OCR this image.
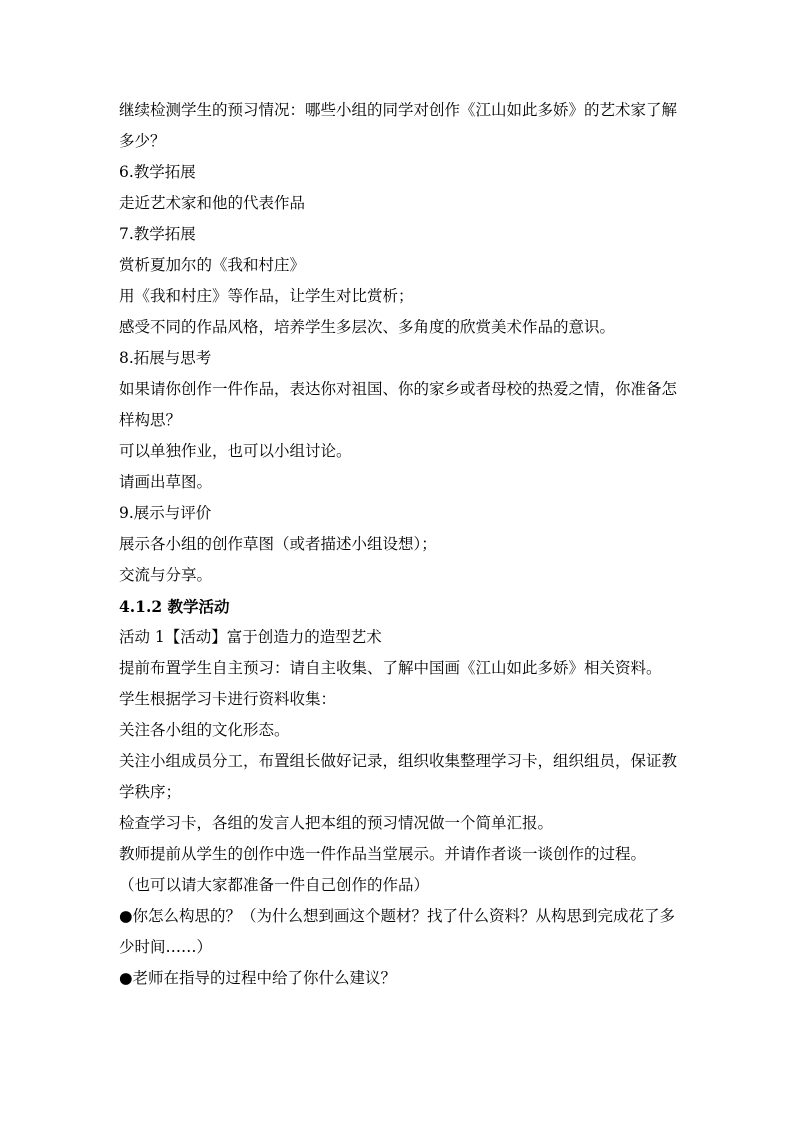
继续检测学生的预习情况：哪些小组的同学对创作《江山如此多娇》的艺术家了解多少？

6.教学拓展

走近艺术家和他的代表作品

7.教学拓展

赏析夏加尔的《我和村庄》

用《我和村庄》等作品，让学生对比赏析；

感受不同的作品风格，培养学生多层次、多角度的欣赏美术作品的意识。

8.拓展与思考

如果请你创作一件作品，表达你对祖国、你的家乡或者母校的热爱之情，你准备怎样构思？

可以单独作业，也可以小组讨论。

请画出草图。

9.展示与评价

展示各小组的创作草图（或者描述小组设想）；

交流与分享。

4.1.2 教学活动

活动 1【活动】富于创造力的造型艺术

提前布置学生自主预习：请自主收集、了解中国画《江山如此多娇》相关资料。

学生根据学习卡进行资料收集：

关注各小组的文化形态。

关注小组成员分工，布置组长做好记录，组织收集整理学习卡，组织组员，保证教学秩序；

检查学习卡，各组的发言人把本组的预习情况做一个简单汇报。

教师提前从学生的创作中选一件作品当堂展示。并请作者谈一谈创作的过程。

（也可以请大家都准备一件自己创作的作品）

●你怎么构思的？（为什么想到画这个题材？找了什么资料？从构思到完成花了多少时间……）

●老师在指导的过程中给了你什么建议？
